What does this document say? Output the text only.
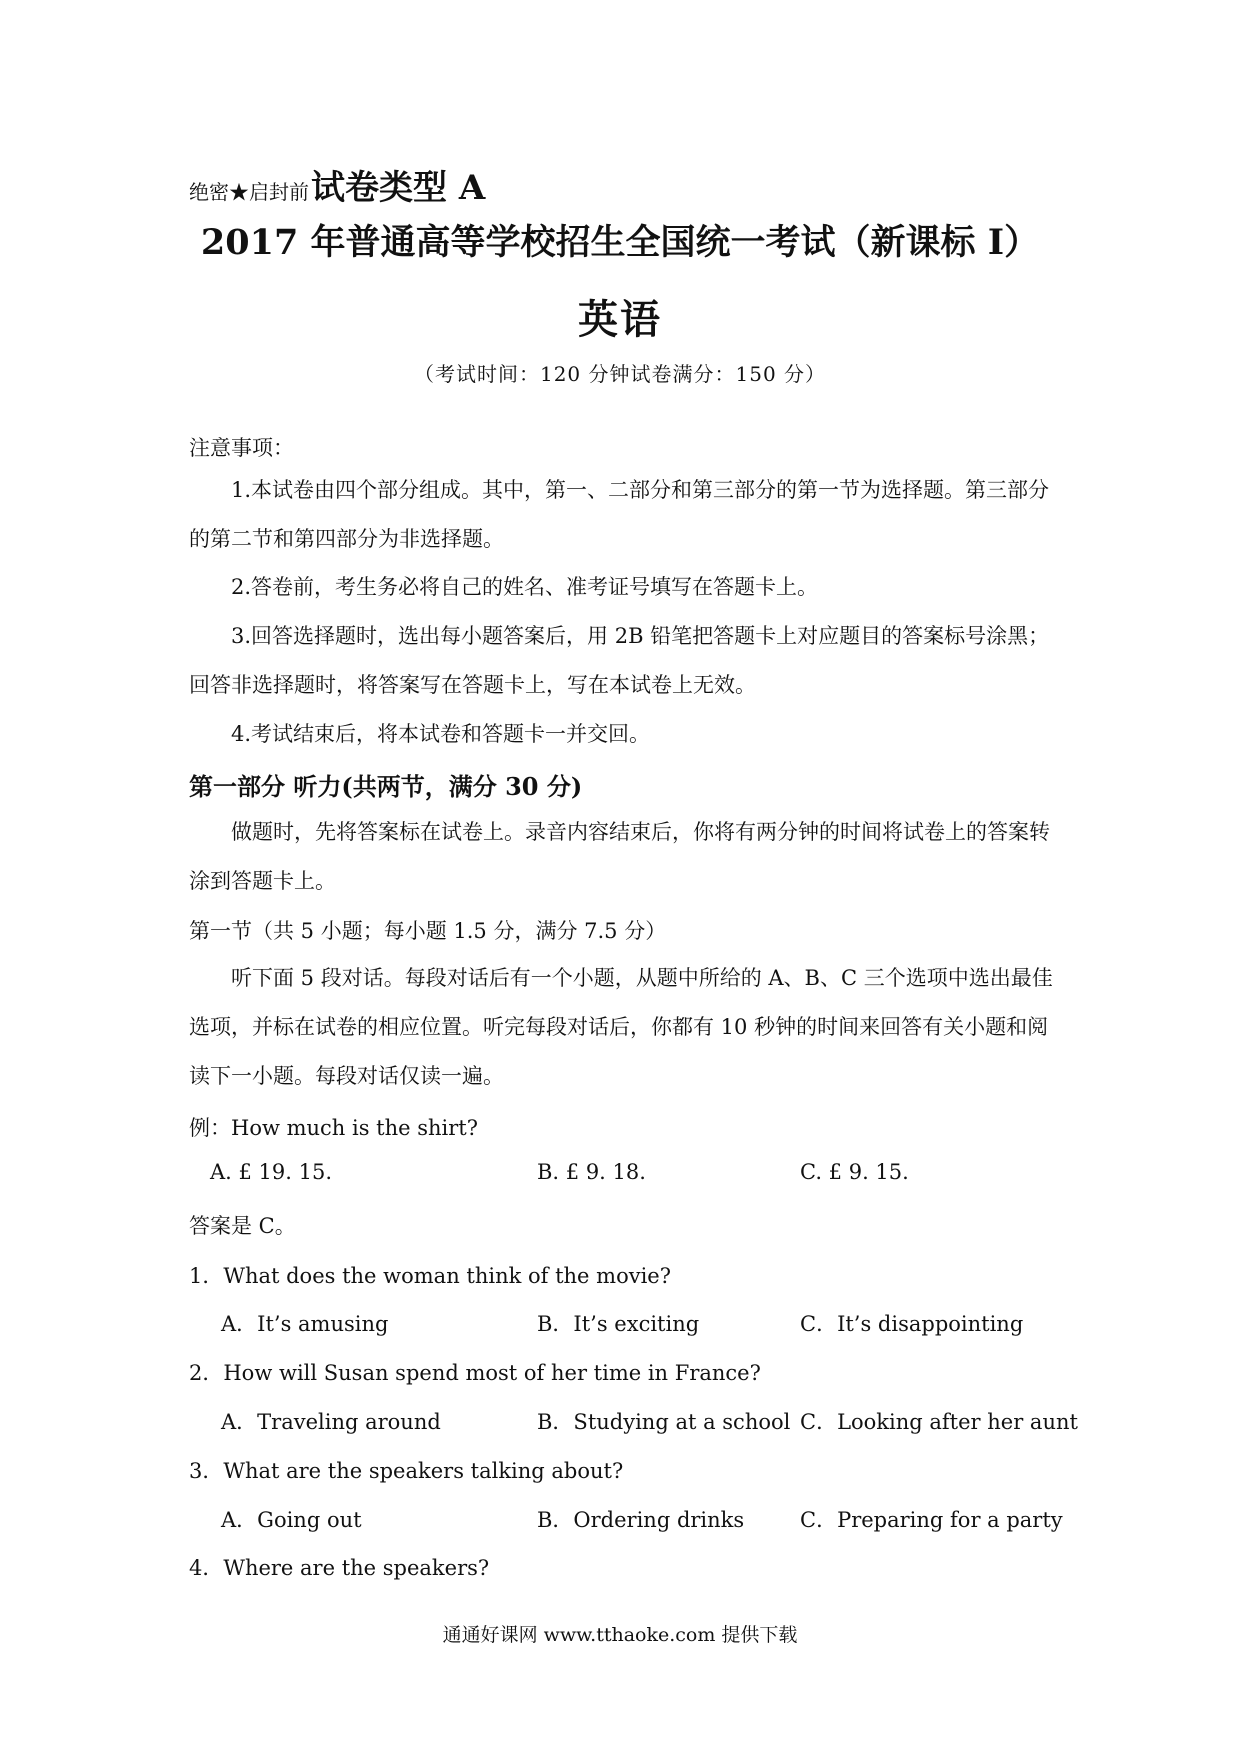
绝密★启封前试卷类型 A
2017 年普通高等学校招生全国统一考试（新课标 I）
英语
（考试时间：120 分钟试卷满分：150 分）
注意事项：
1.本试卷由四个部分组成。其中，第一、二部分和第三部分的第一节为选择题。第三部分的第二节和第四部分为非选择题。
2.答卷前，考生务必将自己的姓名、准考证号填写在答题卡上。
3.回答选择题时，选出每小题答案后，用 2B 铅笔把答题卡上对应题目的答案标号涂黑；回答非选择题时，将答案写在答题卡上，写在本试卷上无效。
4.考试结束后，将本试卷和答题卡一并交回。
第一部分 听力(共两节，满分 30 分)
做题时，先将答案标在试卷上。录音内容结束后，你将有两分钟的时间将试卷上的答案转涂到答题卡上。
第一节（共 5 小题；每小题 1.5 分，满分 7.5 分）
听下面 5 段对话。每段对话后有一个小题，从题中所给的 A、B、C 三个选项中选出最佳选项，并标在试卷的相应位置。听完每段对话后，你都有 10 秒钟的时间来回答有关小题和阅读下一小题。每段对话仅读一遍。
例：How much is the shirt?
A. £ 19. 15.	B. £ 9. 18.	C. £ 9. 15.
答案是 C。
1．What does the woman think of the movie?
A．It’s amusing	B．It’s exciting	C．It’s disappointing
2．How will Susan spend most of her time in France?
A．Traveling around	B．Studying at a school C．Looking after her aunt
3．What are the speakers talking about?
A．Going out	B．Ordering drinks	C．Preparing for a party
4．Where are the speakers?
通通好课网 www.tthaoke.com 提供下载
